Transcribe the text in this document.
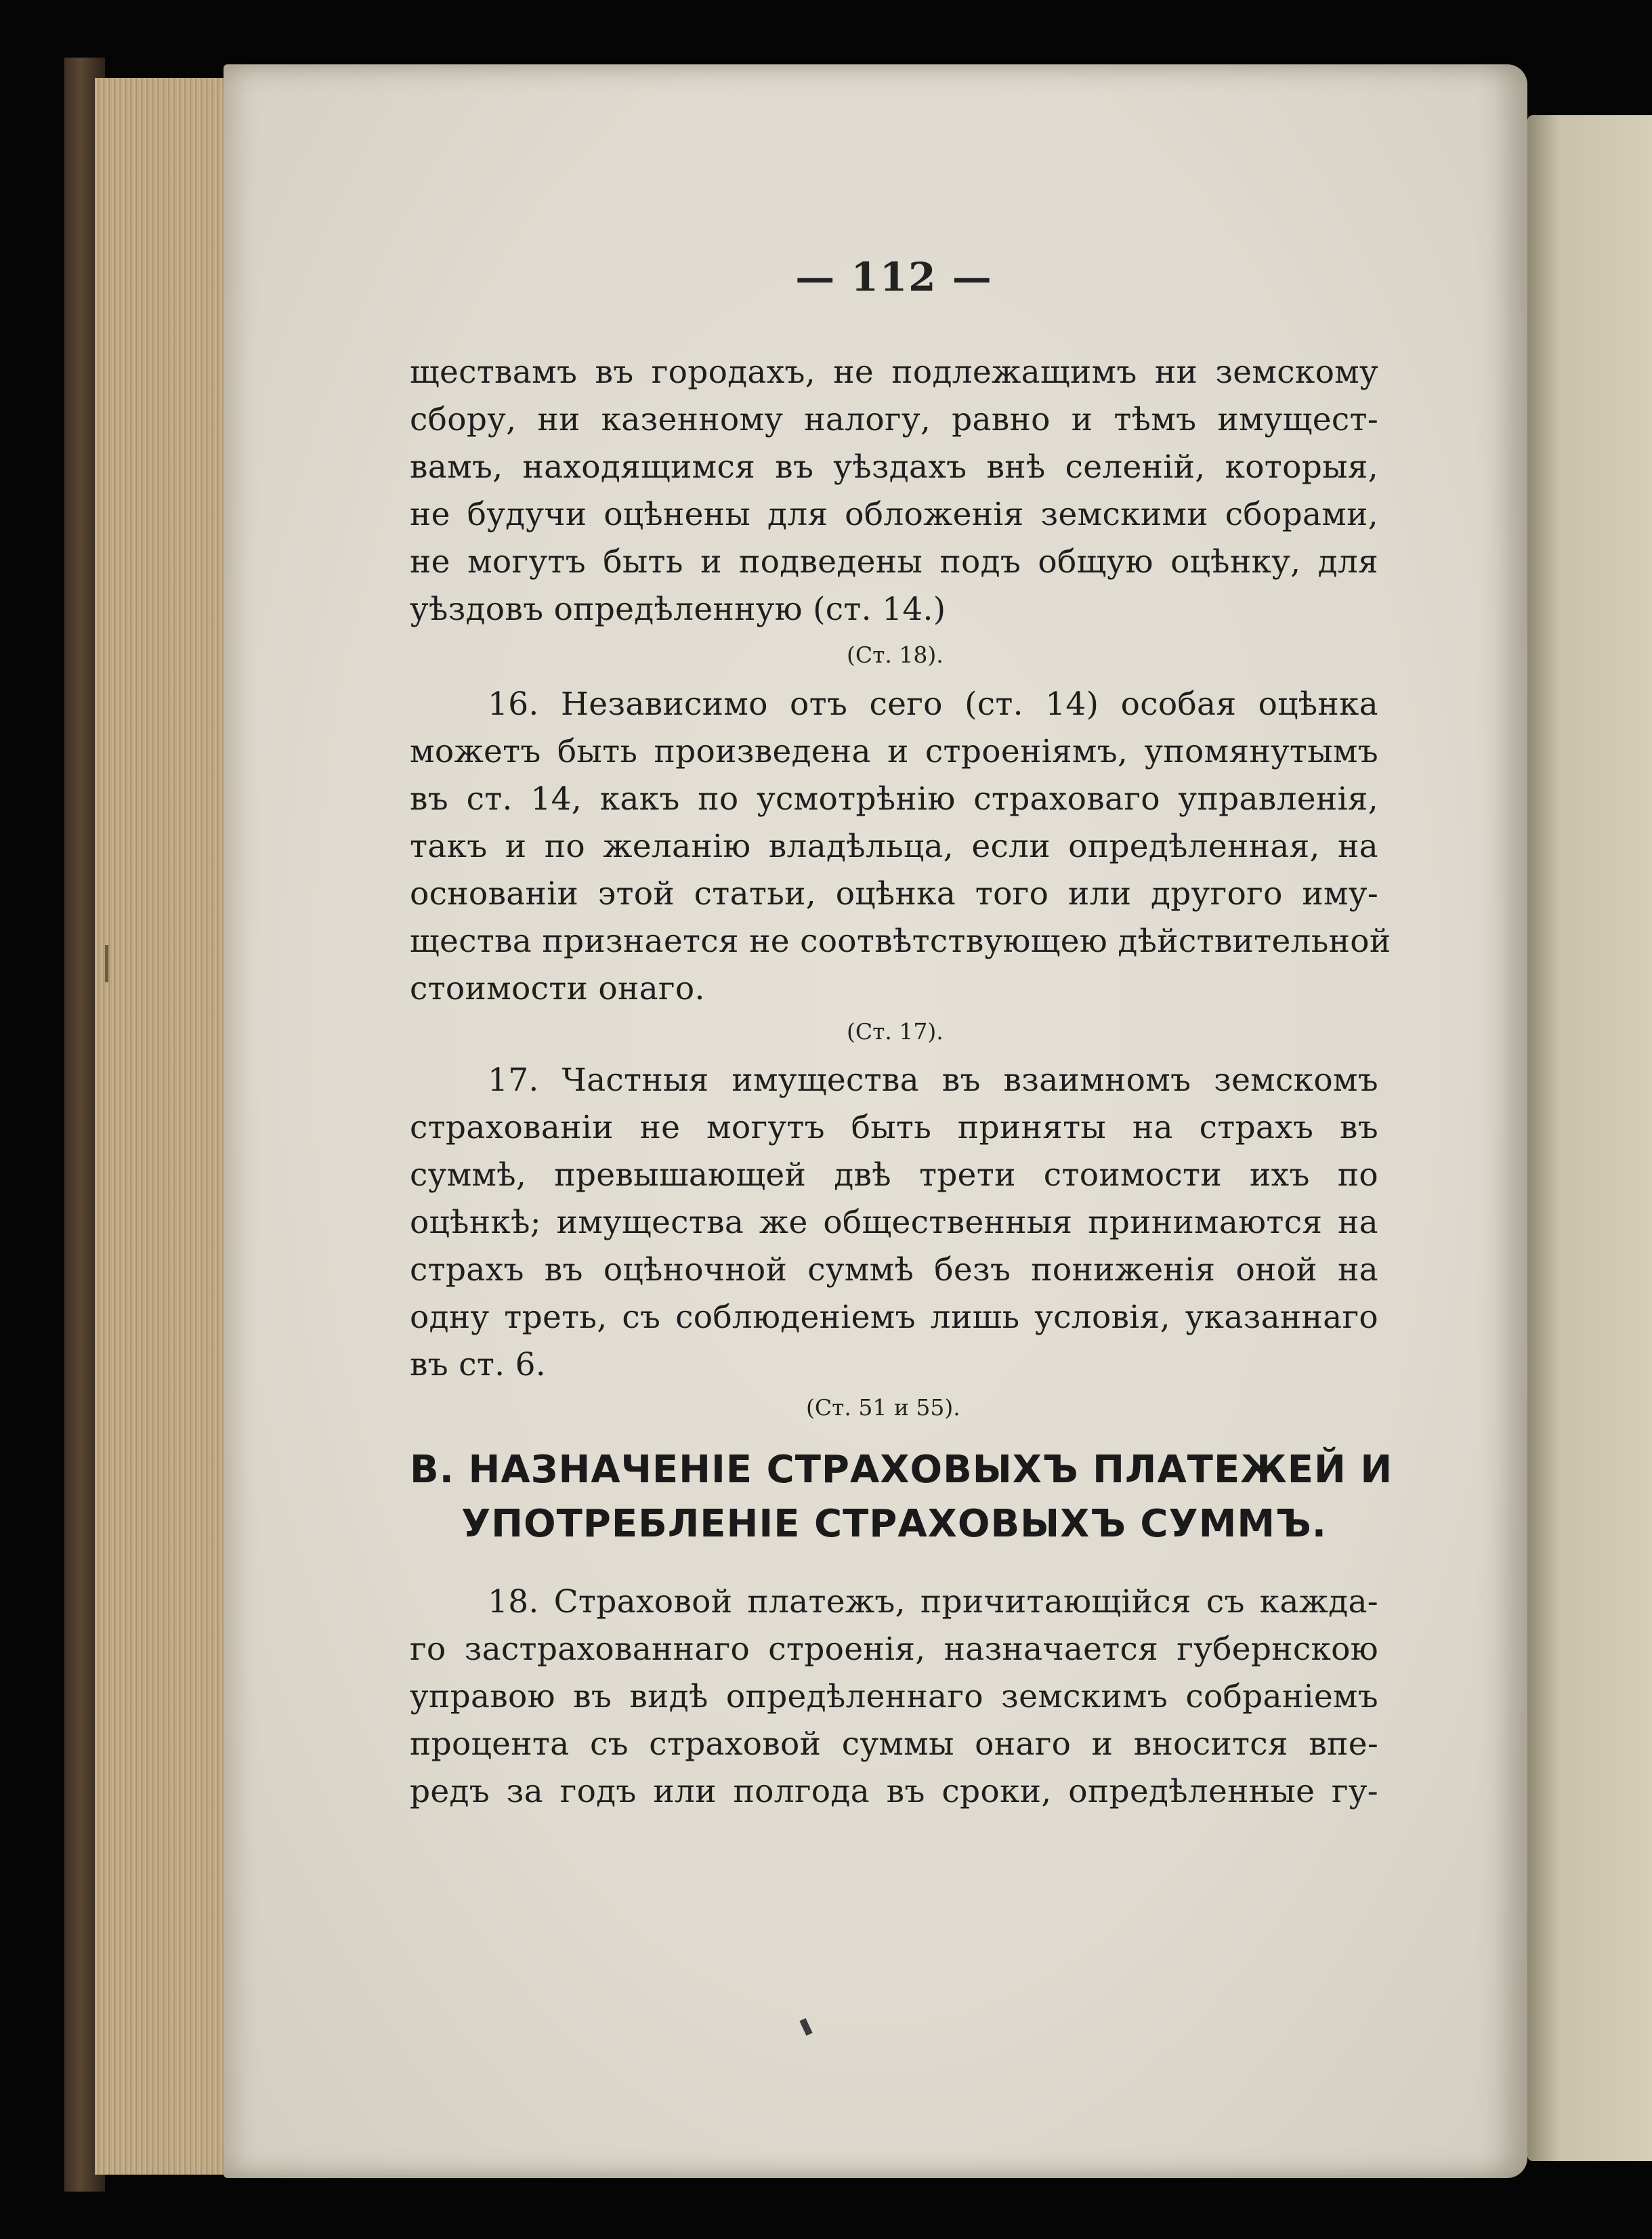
— 112 —
ществамъ въ городахъ, не подлежащимъ ни земскому
сбору, ни казенному налогу, равно и тѣмъ имущест-
вамъ, находящимся въ уѣздахъ внѣ селеній, которыя,
не будучи оцѣнены для обложенія земскими сборами,
не могутъ быть и подведены подъ общую оцѣнку, для
уѣздовъ опредѣленную (ст. 14.)
(Ст. 18).
16. Независимо отъ сего (ст. 14) особая оцѣнка
можетъ быть произведена и строеніямъ, упомянутымъ
въ ст. 14, какъ по усмотрѣнію страховаго управленія,
такъ и по желанію владѣльца, если опредѣленная, на
основаніи этой статьи, оцѣнка того или другого иму-
щества признается не соотвѣтствующею дѣйствительной
стоимости онаго.
(Ст. 17).
17. Частныя имущества въ взаимномъ земскомъ
страхованіи не могутъ быть приняты на страхъ въ
суммѣ, превышающей двѣ трети стоимости ихъ по
оцѣнкѣ; имущества же общественныя принимаются на
страхъ въ оцѣночной суммѣ безъ пониженія оной на
одну треть, съ соблюденіемъ лишь условія, указаннаго
въ ст. 6.
(Ст. 51 и 55).
В. НАЗНАЧЕНІЕ СТРАХОВЫХЪ ПЛАТЕЖЕЙ И
УПОТРЕБЛЕНІЕ СТРАХОВЫХЪ СУММЪ.
18. Страховой платежъ, причитающійся съ кажда-
го застрахованнаго строенія, назначается губернскою
управою въ видѣ опредѣленнаго земскимъ собраніемъ
процента съ страховой суммы онаго и вносится впе-
редъ за годъ или полгода въ сроки, опредѣленные гу-
